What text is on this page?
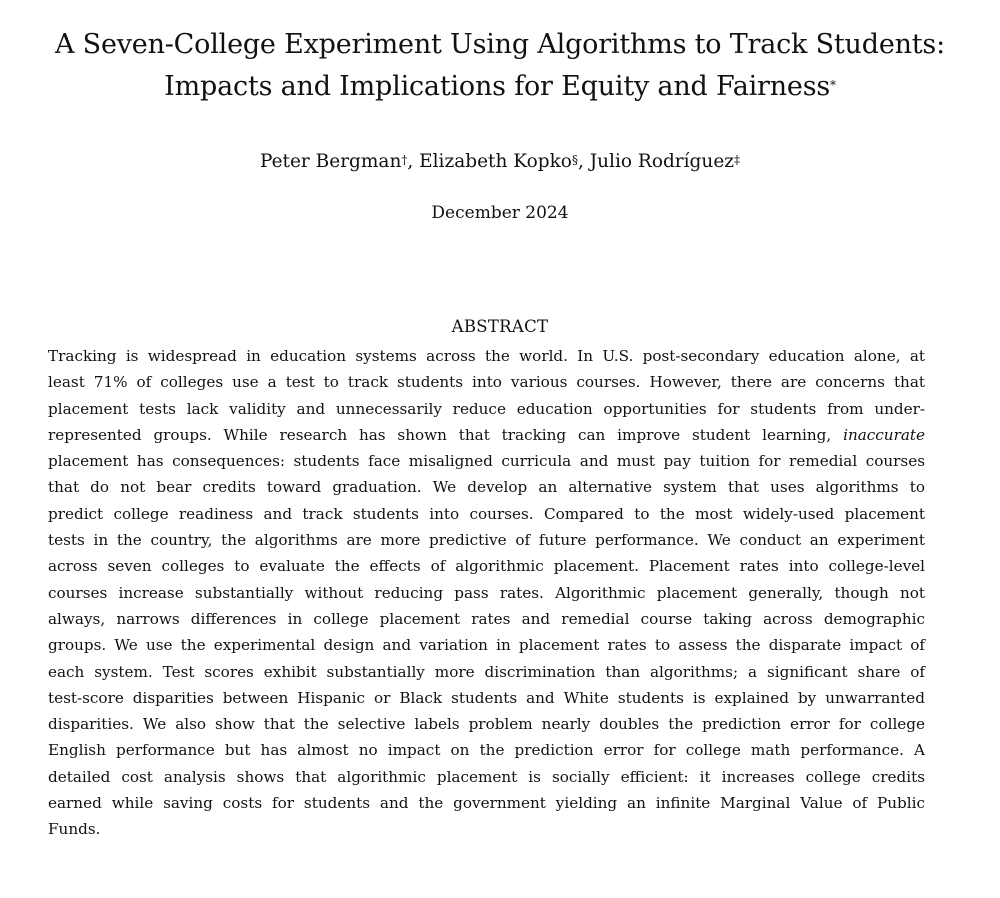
A Seven-College Experiment Using Algorithms to Track Students:
Impacts and Implications for Equity and Fairness*
Peter Bergman†, Elizabeth Kopko§, Julio Rodríguez‡
December 2024
ABSTRACT
Tracking is widespread in education systems across the world. In U.S. post-secondary education alone, at
least 71% of colleges use a test to track students into various courses. However, there are concerns that
placement tests lack validity and unnecessarily reduce education opportunities for students from under-
represented groups. While research has shown that tracking can improve student learning, inaccurate
placement has consequences: students face misaligned curricula and must pay tuition for remedial courses
that do not bear credits toward graduation. We develop an alternative system that uses algorithms to
predict college readiness and track students into courses. Compared to the most widely-used placement
tests in the country, the algorithms are more predictive of future performance. We conduct an experiment
across seven colleges to evaluate the effects of algorithmic placement. Placement rates into college-level
courses increase substantially without reducing pass rates. Algorithmic placement generally, though not
always, narrows differences in college placement rates and remedial course taking across demographic
groups. We use the experimental design and variation in placement rates to assess the disparate impact of
each system. Test scores exhibit substantially more discrimination than algorithms; a significant share of
test-score disparities between Hispanic or Black students and White students is explained by unwarranted
disparities. We also show that the selective labels problem nearly doubles the prediction error for college
English performance but has almost no impact on the prediction error for college math performance. A
detailed cost analysis shows that algorithmic placement is socially efficient: it increases college credits
earned while saving costs for students and the government yielding an infinite Marginal Value of Public
Funds.
